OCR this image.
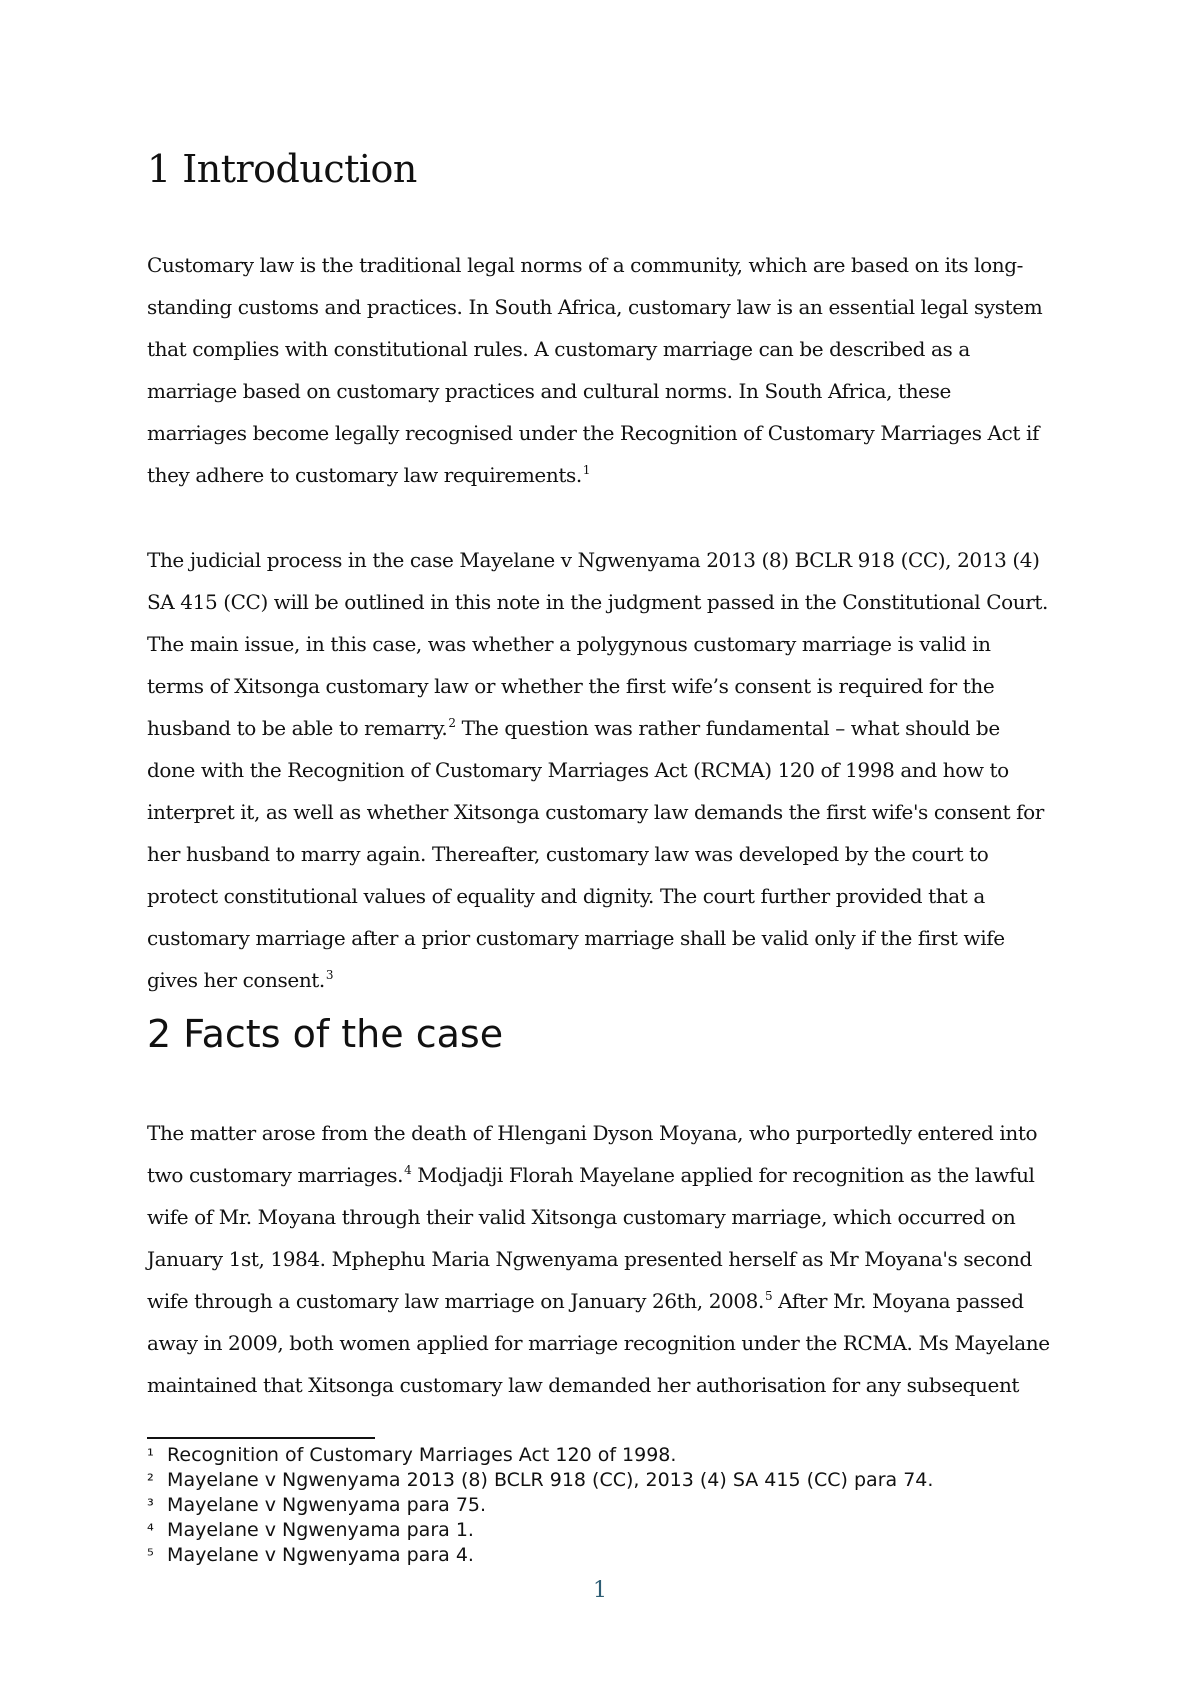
1 Introduction

Customary law is the traditional legal norms of a community, which are based on its long-standing customs and practices. In South Africa, customary law is an essential legal system that complies with constitutional rules. A customary marriage can be described as a marriage based on customary practices and cultural norms. In South Africa, these marriages become legally recognised under the Recognition of Customary Marriages Act if they adhere to customary law requirements.$^1$

The judicial process in the case Mayelane v Ngwenyama 2013 (8) BCLR 918 (CC), 2013 (4) SA 415 (CC) will be outlined in this note in the judgment passed in the Constitutional Court. The main issue, in this case, was whether a polygynous customary marriage is valid in terms of Xitsonga customary law or whether the first wife’s consent is required for the husband to be able to remarry.$^2$ The question was rather fundamental – what should be done with the Recognition of Customary Marriages Act (RCMA) 120 of 1998 and how to interpret it, as well as whether Xitsonga customary law demands the first wife's consent for her husband to marry again. Thereafter, customary law was developed by the court to protect constitutional values of equality and dignity. The court further provided that a customary marriage after a prior customary marriage shall be valid only if the first wife gives her consent.$^3$

2 Facts of the case

The matter arose from the death of Hlengani Dyson Moyana, who purportedly entered into two customary marriages.$^4$ Modjadji Florah Mayelane applied for recognition as the lawful wife of Mr. Moyana through their valid Xitsonga customary marriage, which occurred on January 1st, 1984. Mphephu Maria Ngwenyama presented herself as Mr Moyana's second wife through a customary law marriage on January 26th, 2008.$^5$ After Mr. Moyana passed away in 2009, both women applied for marriage recognition under the RCMA. Ms Mayelane maintained that Xitsonga customary law demanded her authorisation for any subsequent

¹ Recognition of Customary Marriages Act 120 of 1998.
² Mayelane v Ngwenyama 2013 (8) BCLR 918 (CC), 2013 (4) SA 415 (CC) para 74.
³ Mayelane v Ngwenyama para 75.
⁴ Mayelane v Ngwenyama para 1.
⁵ Mayelane v Ngwenyama para 4.
1
